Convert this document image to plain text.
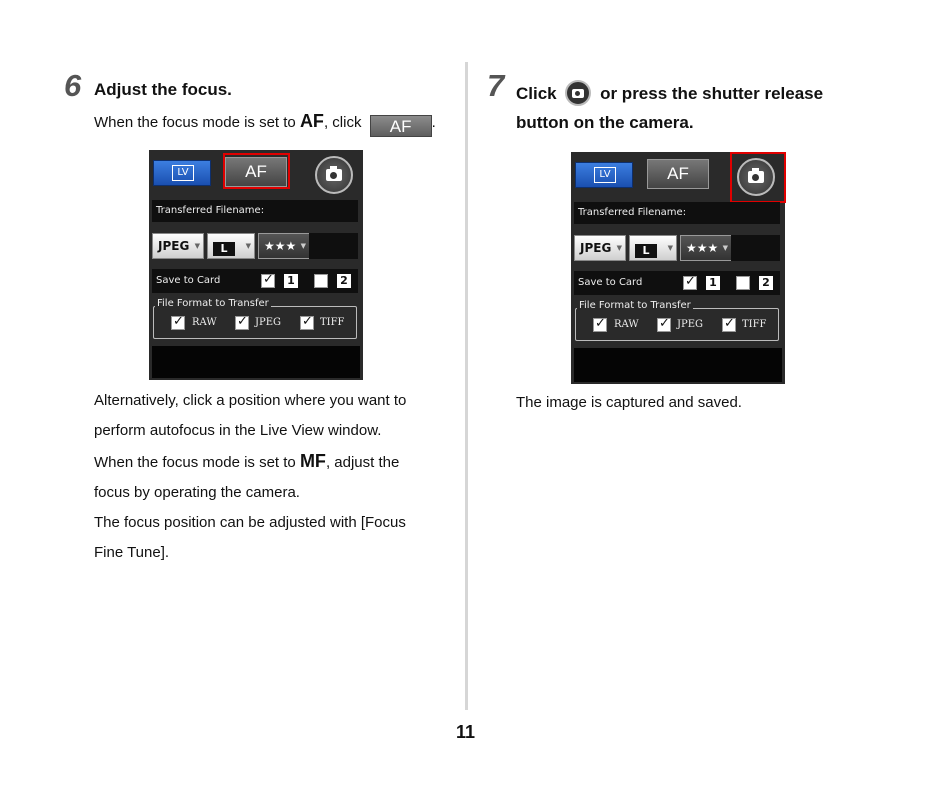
6 Adjust the focus.
When the focus mode is set to AF, click AF .
LV	AF
Transferred Filename:
JPEG ▼	L	▼	★★★ ▼
Save to Card ✓	1	2
File Format to Transfer
✓
RAW ✓	JPEG ✓	TIFF
Alternatively, click a position where you want to
perform autofocus in the Live View window.
When the focus mode is set to MF, adjust the
focus by operating the camera.
The focus position can be adjusted with [Focus
Fine Tune].
7 Click
or press the shutter release
button on the camera.
LV	AF
Transferred Filename:
JPEG ▼	L	▼	★★★ ▼
Save to Card ✓	1	2
File Format to Transfer
✓
RAW ✓	JPEG ✓	TIFF
The image is captured and saved.
11
